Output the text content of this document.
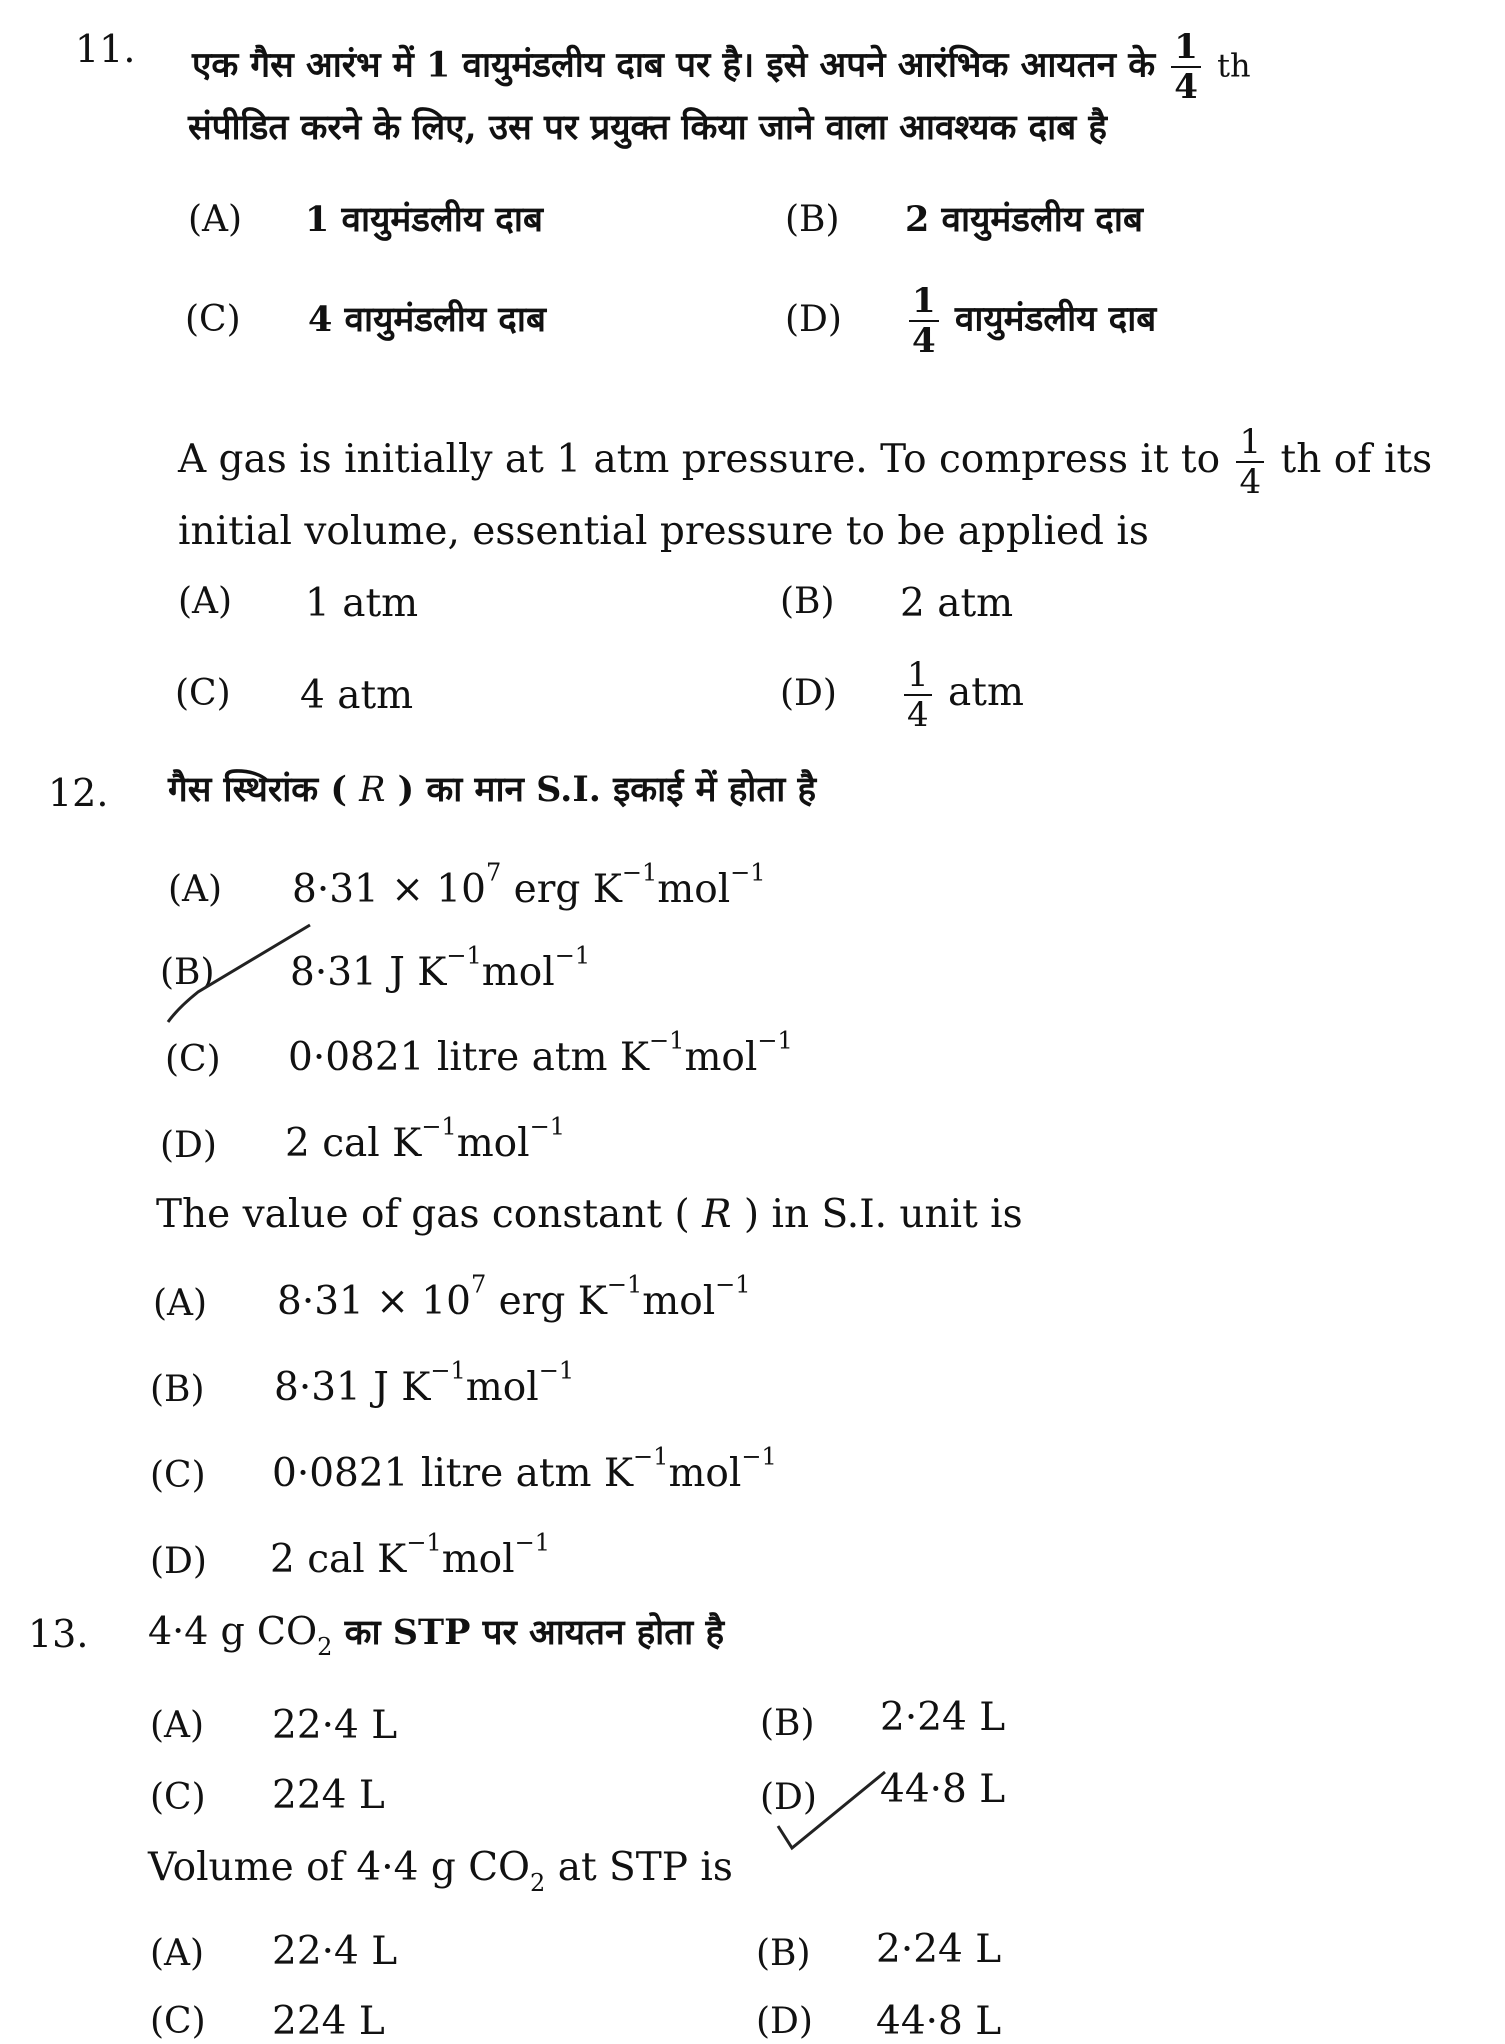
11. एक गैस आरंभ में 1 वायुमंडलीय दाब पर है। इसे अपने आरंभिक आयतन के $\frac{1}{4}$ th
संपीडित करने के लिए, उस पर प्रयुक्त किया जाने वाला आवश्यक दाब है
(A) 1 वायुमंडलीय दाब	(B) 2 वायुमंडलीय दाब
(C) 4 वायुमंडलीय दाब	$(D) \frac{1}{4}$ वायुमंडलीय दाब
A gas is initially at 1 atm pressure. To compress it to $\frac{1}{4}$ th of its
initial volume, essential pressure to be applied is
(A) 1 atm	(B) 2 atm
(C) 4 atm	$(D) \frac{1}{4}$ atm
12. गैस स्थिरांक ( R ) का मान S.I. इकाई में होता है
(A) $8\cdot 31 \times 10^7$ erg $K^{-1}mol^{-1}$
(B) 8·31 J $K^{-1}mol^{-1}$
(C) 0·0821 litre atm $K^{-1}mol^{-1}$
(D) 2 cal $K^{-1}mol^{-1}$
The value of gas constant ( R ) in S.I. unit is
(A) $8\cdot 31 \times 10^7$ erg $K^{-1}mol^{-1}$
(B) 8·31 J $K^{-1}mol^{-1}$
(C) 0·0821 litre atm $K^{-1}mol^{-1}$
(D) 2 cal $K^{-1}mol^{-1}$
13. 4·4 g $CO_2$ का STP पर आयतन होता है
(A) 22·4 L	(B) 2·24 L
(C) 224 L	(D) 44·8 L
Volume of 4·4 g $CO_2$ at STP is
(A) 22·4 L	(B) 2·24 L
(C) 224 L	(D) 44·8 L
